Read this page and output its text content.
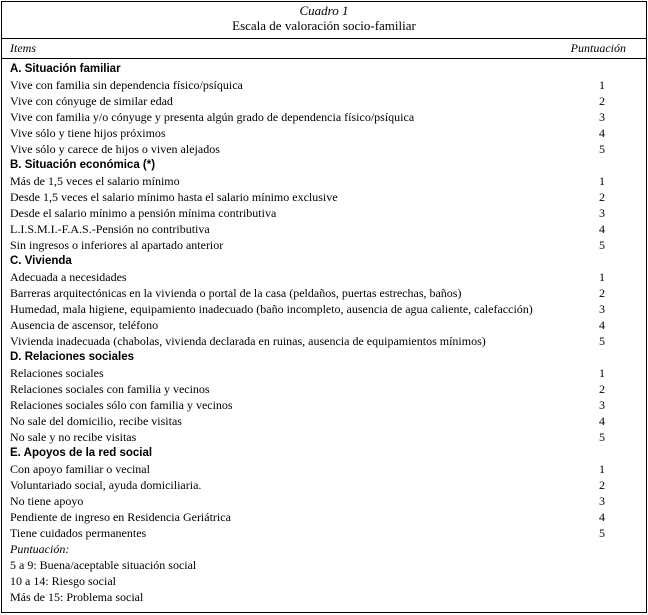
Cuadro 1
Escala de valoración socio-familiar
Items	Puntuación
A. Situación familiar
Vive con familia sin dependencia físico/psíquica	1
Vive con cónyuge de similar edad	2
Vive con familia y/o cónyuge y presenta algún grado de dependencia físico/psíquica	3
Vive sólo y tiene hijos próximos	4
Vive sólo y carece de hijos o viven alejados	5
B. Situación económica (*)
Más de 1,5 veces el salario mínimo	1
Desde 1,5 veces el salario mínimo hasta el salario mínimo exclusive	2
Desde el salario mínimo a pensión mínima contributiva	3
L.I.S.M.I.-F.A.S.-Pensión no contributiva	4
Sin ingresos o inferiores al apartado anterior	5
C. Vivienda
Adecuada a necesidades	1
Barreras arquitectónicas en la vivienda o portal de la casa (peldaños, puertas estrechas, baños)	2
Humedad, mala higiene, equipamiento inadecuado (baño incompleto, ausencia de agua caliente, calefacción)	3
Ausencia de ascensor, teléfono	4
Vivienda inadecuada (chabolas, vivienda declarada en ruinas, ausencia de equipamientos mínimos)	5
D. Relaciones sociales
Relaciones sociales	1
Relaciones sociales con familia y vecinos	2
Relaciones sociales sólo con familia y vecinos	3
No sale del domicilio, recibe visitas	4
No sale y no recibe visitas	5
E. Apoyos de la red social
Con apoyo familiar o vecinal	1
Voluntariado social, ayuda domiciliaria.	2
No tiene apoyo	3
Pendiente de ingreso en Residencia Geriátrica	4
Tiene cuidados permanentes	5
Puntuación:
5 a 9: Buena/aceptable situación social
10 a 14: Riesgo social
Más de 15: Problema social
